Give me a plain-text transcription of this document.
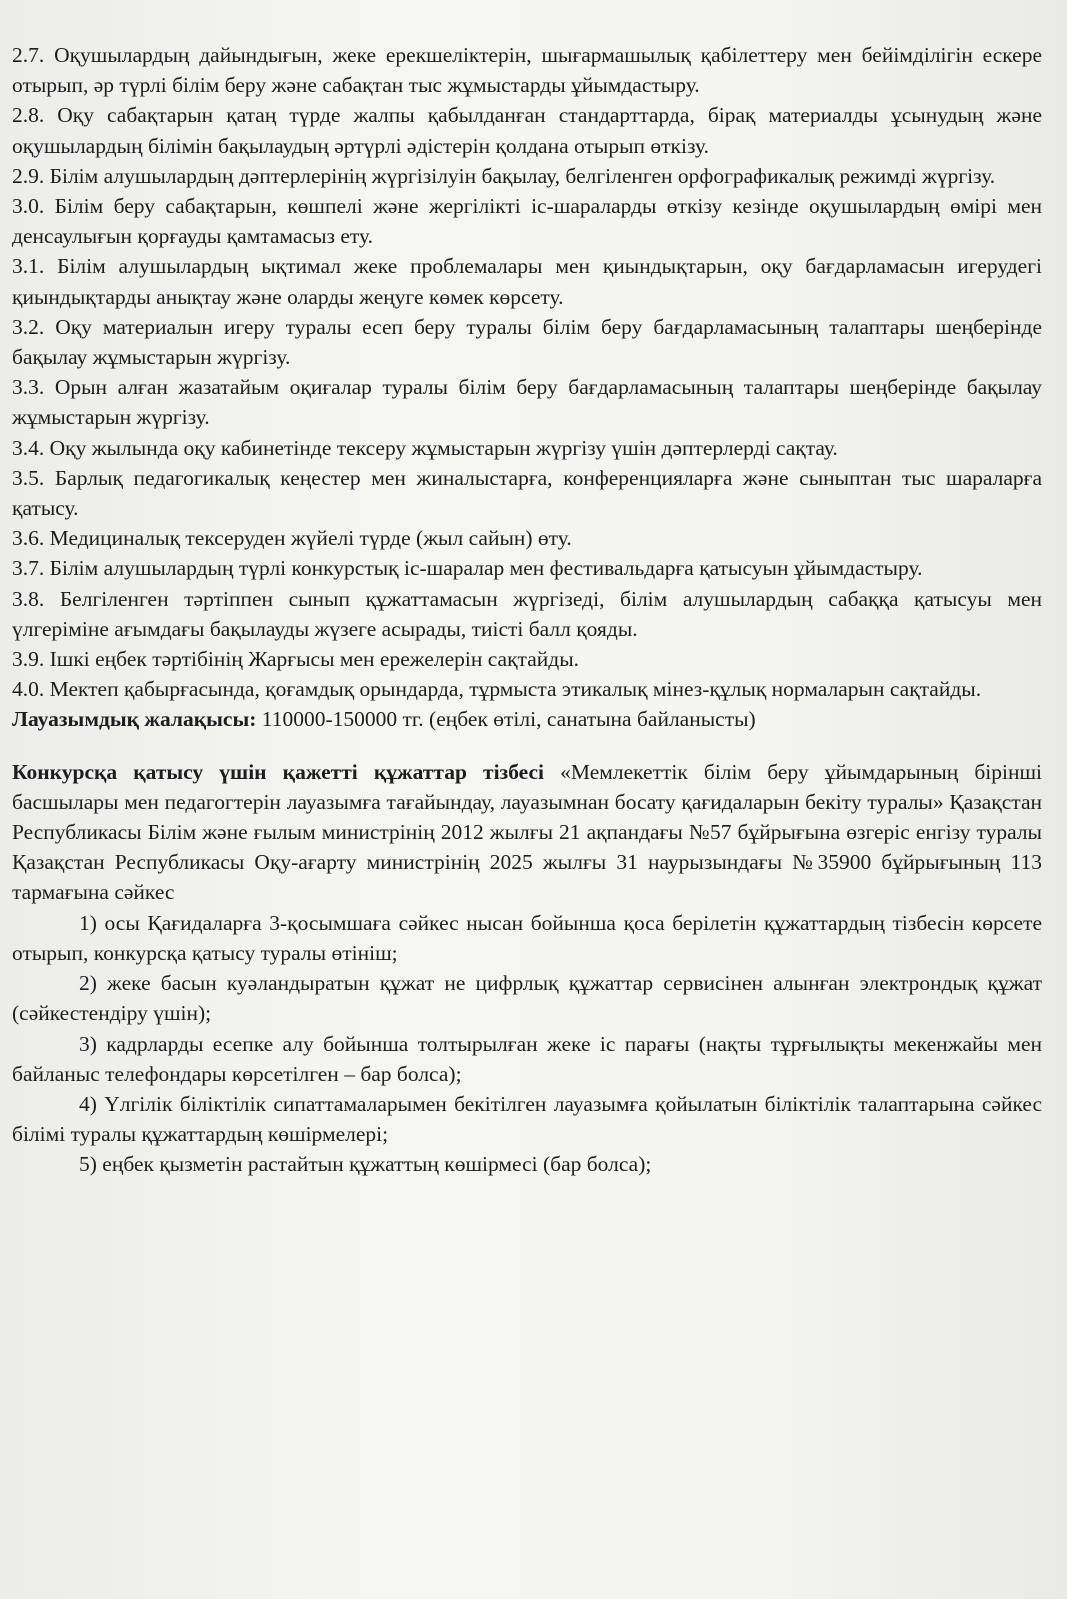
2.7. Оқушылардың дайындығын, жеке ерекшеліктерін, шығармашылық қабілеттеру мен бейімділігін ескере отырып, әр түрлі білім беру және сабақтан тыс жұмыстарды ұйымдастыру.

2.8. Оқу сабақтарын қатаң түрде жалпы қабылданған стандарттарда, бірақ материалды ұсынудың және оқушылардың білімін бақылаудың әртүрлі әдістерін қолдана отырып өткізу.

2.9. Білім алушылардың дәптерлерінің жүргізілуін бақылау, белгіленген орфографикалық режимді жүргізу.

3.0. Білім беру сабақтарын, көшпелі және жергілікті іс-шараларды өткізу кезінде оқушылардың өмірі мен денсаулығын қорғауды қамтамасыз ету.

3.1. Білім алушылардың ықтимал жеке проблемалары мен қиындықтарын, оқу бағдарламасын игерудегі қиындықтарды анықтау және оларды жеңуге көмек көрсету.

3.2. Оқу материалын игеру туралы есеп беру туралы білім беру бағдарламасының талаптары шеңберінде бақылау жұмыстарын жүргізу.

3.3. Орын алған жазатайым оқиғалар туралы білім беру бағдарламасының талаптары шеңберінде бақылау жұмыстарын жүргізу.

3.4. Оқу жылында оқу кабинетінде тексеру жұмыстарын жүргізу үшін дәптерлерді сақтау.

3.5. Барлық педагогикалық кеңестер мен жиналыстарға, конференцияларға және сыныптан тыс шараларға қатысу.

3.6. Медициналық тексеруден жүйелі түрде (жыл сайын) өту.

3.7. Білім алушылардың түрлі конкурстық іс-шаралар мен фестивальдарға қатысуын ұйымдастыру.

3.8. Белгіленген тәртіппен сынып құжаттамасын жүргізеді, білім алушылардың сабаққа қатысуы мен үлгеріміне ағымдағы бақылауды жүзеге асырады, тиісті балл қояды.

3.9. Ішкі еңбек тәртібінің Жарғысы мен ережелерін сақтайды.

4.0. Мектеп қабырғасында, қоғамдық орындарда, тұрмыста этикалық мінез-құлық нормаларын сақтайды.

Лауазымдық жалақысы: 110000-150000 тг. (еңбек өтілі, санатына байланысты)

Конкурсқа қатысу үшін қажетті құжаттар тізбесі «Мемлекеттік білім беру ұйымдарының бірінші басшылары мен педагогтерін лауазымға тағайындау, лауазымнан босату қағидаларын бекіту туралы» Қазақстан Республикасы Білім және ғылым министрінің 2012 жылғы 21 ақпандағы №57 бұйрығына өзгеріс енгізу туралы Қазақстан Республикасы Оқу-ағарту министрінің 2025 жылғы 31 наурызындағы №35900 бұйрығының 113 тармағына сәйкес

1) осы Қағидаларға 3-қосымшаға сәйкес нысан бойынша қоса берілетін құжаттардың тізбесін көрсете отырып, конкурсқа қатысу туралы өтініш;

2) жеке басын куәландыратын құжат не цифрлық құжаттар сервисінен алынған электрондық құжат (сәйкестендіру үшін);

3) кадрларды есепке алу бойынша толтырылған жеке іс парағы (нақты тұрғылықты мекенжайы мен байланыс телефондары көрсетілген – бар болса);

4) Үлгілік біліктілік сипаттамаларымен бекітілген лауазымға қойылатын біліктілік талаптарына сәйкес білімі туралы құжаттардың көшірмелері;

5) еңбек қызметін растайтын құжаттың көшірмесі (бар болса);
